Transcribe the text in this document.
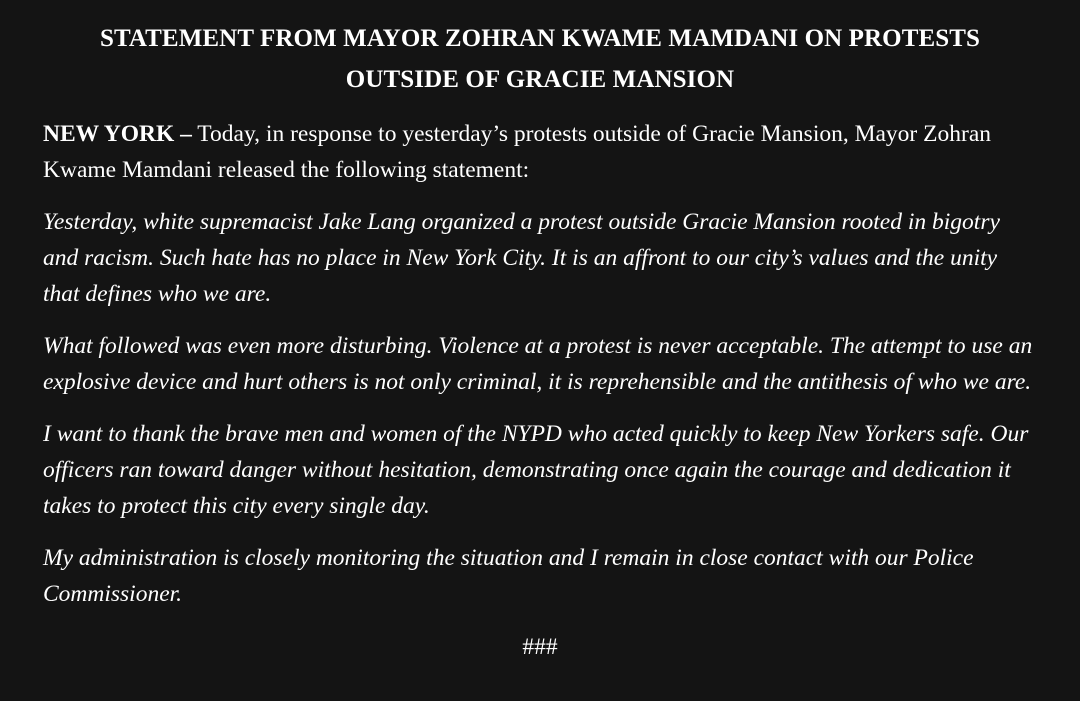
STATEMENT FROM MAYOR ZOHRAN KWAME MAMDANI ON PROTESTS OUTSIDE OF GRACIE MANSION

NEW YORK – Today, in response to yesterday’s protests outside of Gracie Mansion, Mayor Zohran Kwame Mamdani released the following statement:

Yesterday, white supremacist Jake Lang organized a protest outside Gracie Mansion rooted in bigotry and racism. Such hate has no place in New York City. It is an affront to our city’s values and the unity that defines who we are.

What followed was even more disturbing. Violence at a protest is never acceptable. The attempt to use an explosive device and hurt others is not only criminal, it is reprehensible and the antithesis of who we are.

I want to thank the brave men and women of the NYPD who acted quickly to keep New Yorkers safe. Our officers ran toward danger without hesitation, demonstrating once again the courage and dedication it takes to protect this city every single day.

My administration is closely monitoring the situation and I remain in close contact with our Police Commissioner.

###
